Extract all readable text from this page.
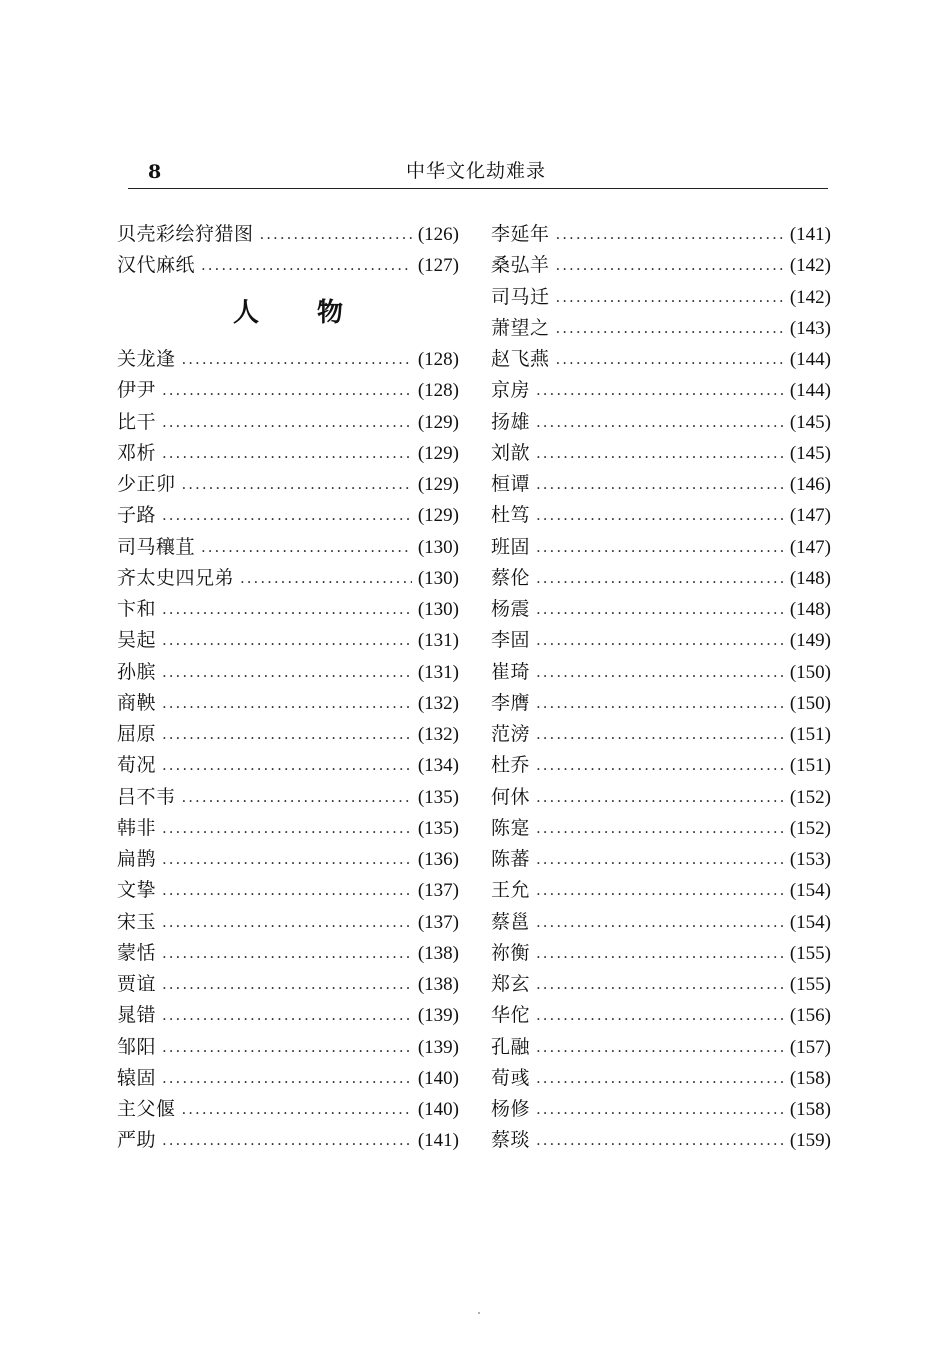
8	中华文化劫难录
贝壳彩绘狩猎图 .....	(126)
汉代麻纸 .....	(127)
人物
关龙逢 .....	(128)
伊尹 .....	(128)
比干 .....	(129)
邓析 .....	(129)
少正卯 .....	(129)
子路 .....	(129)
司马穰苴 .....	(130)
齐太史四兄弟 .....	(130)
卞和 .....	(130)
吴起 .....	(131)
孙膑 .....	(131)
商鞅 .....	(132)
屈原 .....	(132)
荀况 .....	(134)
吕不韦 .....	(135)
韩非 .....	(135)
扁鹊 .....	(136)
文挚 .....	(137)
宋玉 .....	(137)
蒙恬 .....	(138)
贾谊 .....	(138)
晁错 .....	(139)
邹阳 .....	(139)
辕固 .....	(140)
主父偃 .....	(140)
严助 .....	(141)
李延年 .....	(141)
桑弘羊 .....	(142)
司马迁 .....	(142)
萧望之 .....	(143)
赵飞燕 .....	(144)
京房 .....	(144)
扬雄 .....	(145)
刘歆 .....	(145)
桓谭 .....	(146)
杜笃 .....	(147)
班固 .....	(147)
蔡伦 .....	(148)
杨震 .....	(148)
李固 .....	(149)
崔琦 .....	(150)
李膺 .....	(150)
范滂 .....	(151)
杜乔 .....	(151)
何休 .....	(152)
陈寔 .....	(152)
陈蕃 .....	(153)
王允 .....	(154)
蔡邕 .....	(154)
祢衡 .....	(155)
郑玄 .....	(155)
华佗 .....	(156)
孔融 .....	(157)
荀彧 .....	(158)
杨修 .....	(158)
蔡琰 .....	(159)
